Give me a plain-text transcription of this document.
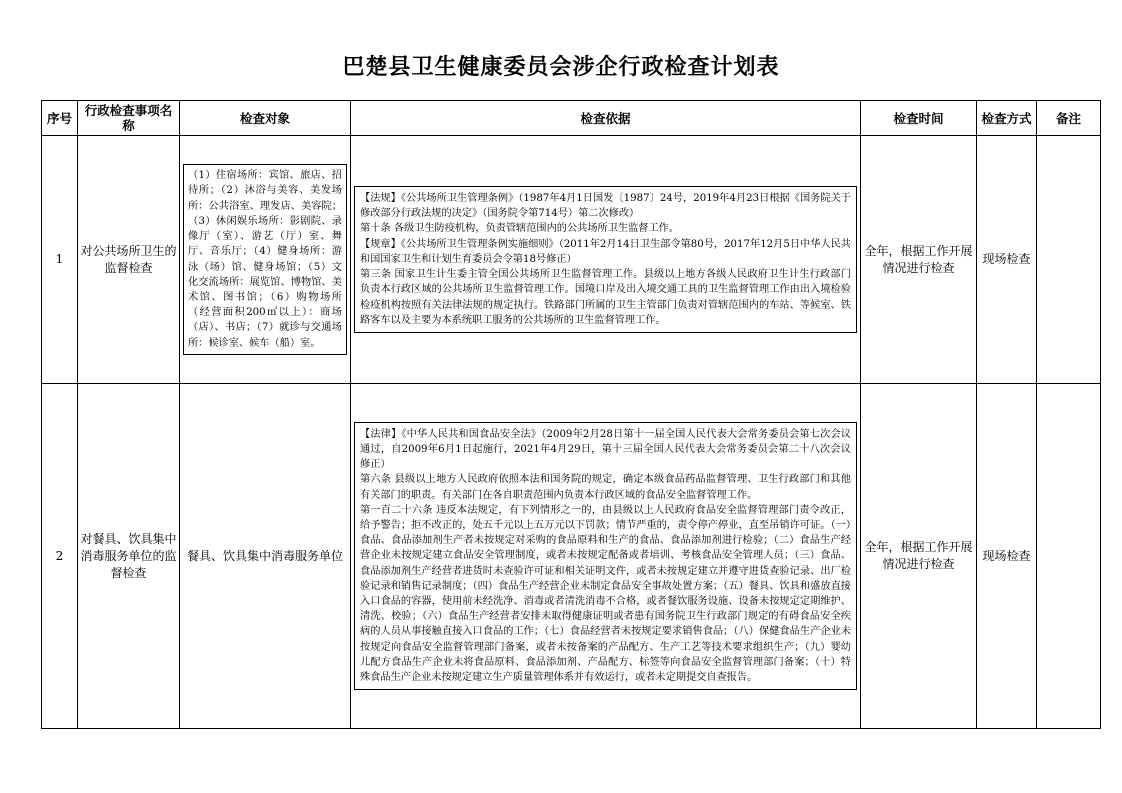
巴楚县卫生健康委员会涉企行政检查计划表
序号	行政检查事项名称	检查对象	检查依据	检查时间	检查方式	备注
1	对公共场所卫生的监督检查	（1）住宿场所：宾馆、旅店、招待所；（2）沐浴与美容、美发场所：公共浴室、理发店、美容院；（3）休闲娱乐场所：影剧院、录像厅（室）、游艺（厅）室、舞厅、音乐厅；（4）健身场所：游泳（场）馆、健身场馆；（5）文化交流场所：展览馆、博物馆、美术馆、图书馆；（6）购物场所（经营面积200㎡以上）：商场（店）、书店；（7）就诊与交通场所：候诊室、候车（船）室。	【法规】《公共场所卫生管理条例》（1987年4月1日国发〔1987〕24号，2019年4月23日根据《国务院关于修改部分行政法规的决定》（国务院令第714号）第二次修改）

第十条 各级卫生防疫机构，负责管辖范围内的公共场所卫生监督工作。

【规章】《公共场所卫生管理条例实施细则》（2011年2月14日卫生部令第80号，2017年12月5日中华人民共和国国家卫生和计划生育委员会令第18号修正）

第三条 国家卫生计生委主管全国公共场所卫生监督管理工作。县级以上地方各级人民政府卫生计生行政部门负责本行政区域的公共场所卫生监督管理工作。国境口岸及出入境交通工具的卫生监督管理工作由出入境检验检疫机构按照有关法律法规的规定执行。铁路部门所属的卫生主管部门负责对管辖范围内的车站、等候室、铁路客车以及主要为本系统职工服务的公共场所的卫生监督管理工作。	全年，根据工作开展情况进行检查	现场检查	
2	对餐具、饮具集中消毒服务单位的监督检查	餐具、饮具集中消毒服务单位	【法律】《中华人民共和国食品安全法》（2009年2月28日第十一届全国人民代表大会常务委员会第七次会议通过，自2009年6月1日起施行，2021年4月29日，第十三届全国人民代表大会常务委员会第二十八次会议修正）

第六条 县级以上地方人民政府依照本法和国务院的规定，确定本级食品药品监督管理、卫生行政部门和其他有关部门的职责。有关部门在各自职责范围内负责本行政区域的食品安全监督管理工作。

第一百二十六条 违反本法规定，有下列情形之一的，由县级以上人民政府食品安全监督管理部门责令改正，给予警告；拒不改正的，处五千元以上五万元以下罚款；情节严重的，责令停产停业，直至吊销许可证。（一）食品、食品添加剂生产者未按规定对采购的食品原料和生产的食品、食品添加剂进行检验；（二）食品生产经营企业未按规定建立食品安全管理制度，或者未按规定配备或者培训、考核食品安全管理人员；（三）食品、食品添加剂生产经营者进货时未查验许可证和相关证明文件，或者未按规定建立并遵守进货查验记录、出厂检验记录和销售记录制度；（四）食品生产经营企业未制定食品安全事故处置方案；（五）餐具、饮具和盛放直接入口食品的容器，使用前未经洗净、消毒或者清洗消毒不合格，或者餐饮服务设施、设备未按规定定期维护、清洗、校验；（六）食品生产经营者安排未取得健康证明或者患有国务院卫生行政部门规定的有碍食品安全疾病的人员从事接触直接入口食品的工作；（七）食品经营者未按规定要求销售食品；（八）保健食品生产企业未按规定向食品安全监督管理部门备案，或者未按备案的产品配方、生产工艺等技术要求组织生产；（九）婴幼儿配方食品生产企业未将食品原料、食品添加剂、产品配方、标签等向食品安全监督管理部门备案；（十）特殊食品生产企业未按规定建立生产质量管理体系并有效运行，或者未定期提交自查报告。	全年，根据工作开展情况进行检查	现场检查	
